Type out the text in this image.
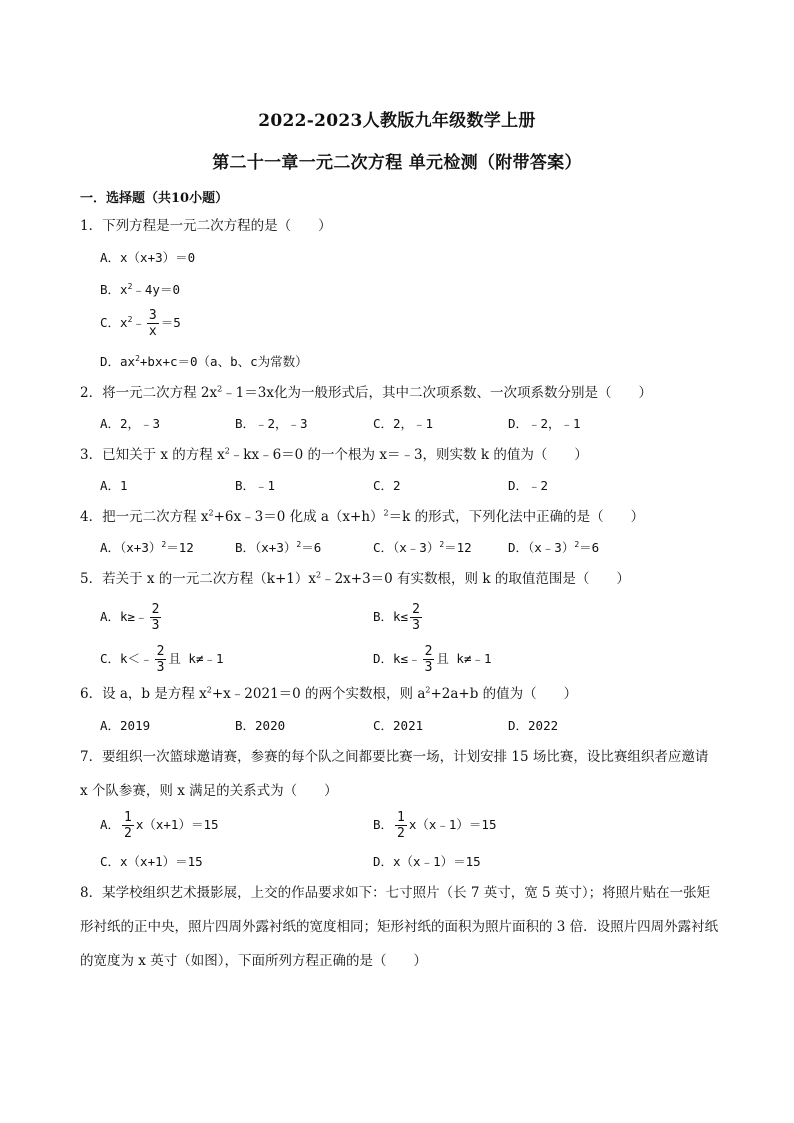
2022-2023人教版九年级数学上册
第二十一章一元二次方程 单元检测（附带答案）
一．选择题（共10小题）
1．下列方程是一元二次方程的是（　　）
A．x（x+3）＝0
B．$x^2﹣4y=0$
C．$x^2﹣ \frac{3}{x} =5$
D．$ax^2+bx+c=0(a$、b、c为常数）
2．将一元二次方程 $2x^2﹣1=3x$化为一般形式后，其中二次项系数、一次项系数分别是（　　）
A．2，﹣3	B．﹣2，﹣3	C．2，﹣1	D．﹣2，﹣1
3．已知关于 x 的方程 $x^2﹣kx﹣6=0$ 的一个根为 x＝﹣3，则实数 k 的值为（　　）
A．1	B．﹣1	C．2	D．﹣2
4．把一元二次方程 $x^2+6x﹣3=0$ 化成 $a(x+h)^2=k$ 的形式，下列化法中正确的是（　　）
A．$(x+3)^2=12$	B．$(x+3)^2=6$	C．（x﹣3）$^2$＝12	D．（x﹣3）$^2$＝6
5．若关于 x 的一元二次方程$(k+1)x^2﹣2x+3=0$ 有实数根，则 k 的取值范围是（　　）
A．k≥﹣ $\frac{2}{3}$	B．$k\le \frac{2}{3}$
C．k＜﹣ $\frac{2}{3}$ 且 k≠﹣1	D．k≤﹣ $\frac{2}{3}$ 且 k≠﹣1
6．设 a，b 是方程 $x^2+x﹣2021=0$ 的两个实数根，则 $a^2+2a+b$ 的值为（　　）
A．2019	B．2020	C．2021	D．2022
7．要组织一次篮球邀请赛，参赛的每个队之间都要比赛一场，计划安排 15 场比赛，设比赛组织者应邀请 x 个队参赛，则 x 满足的关系式为（　　）
A． $\frac{1}{2} x(x+1)=15$	B． $\frac{1}{2}$ x（x﹣1）＝15
C．x（x+1）＝15	D．x（x﹣1）＝15
8．某学校组织艺术摄影展，上交的作品要求如下：七寸照片（长 7 英寸，宽 5 英寸）；将照片贴在一张矩形衬纸的正中央，照片四周外露衬纸的宽度相同；矩形衬纸的面积为照片面积的 3 倍．设照片四周外露衬纸的宽度为 x 英寸（如图），下面所列方程正确的是（　　）
